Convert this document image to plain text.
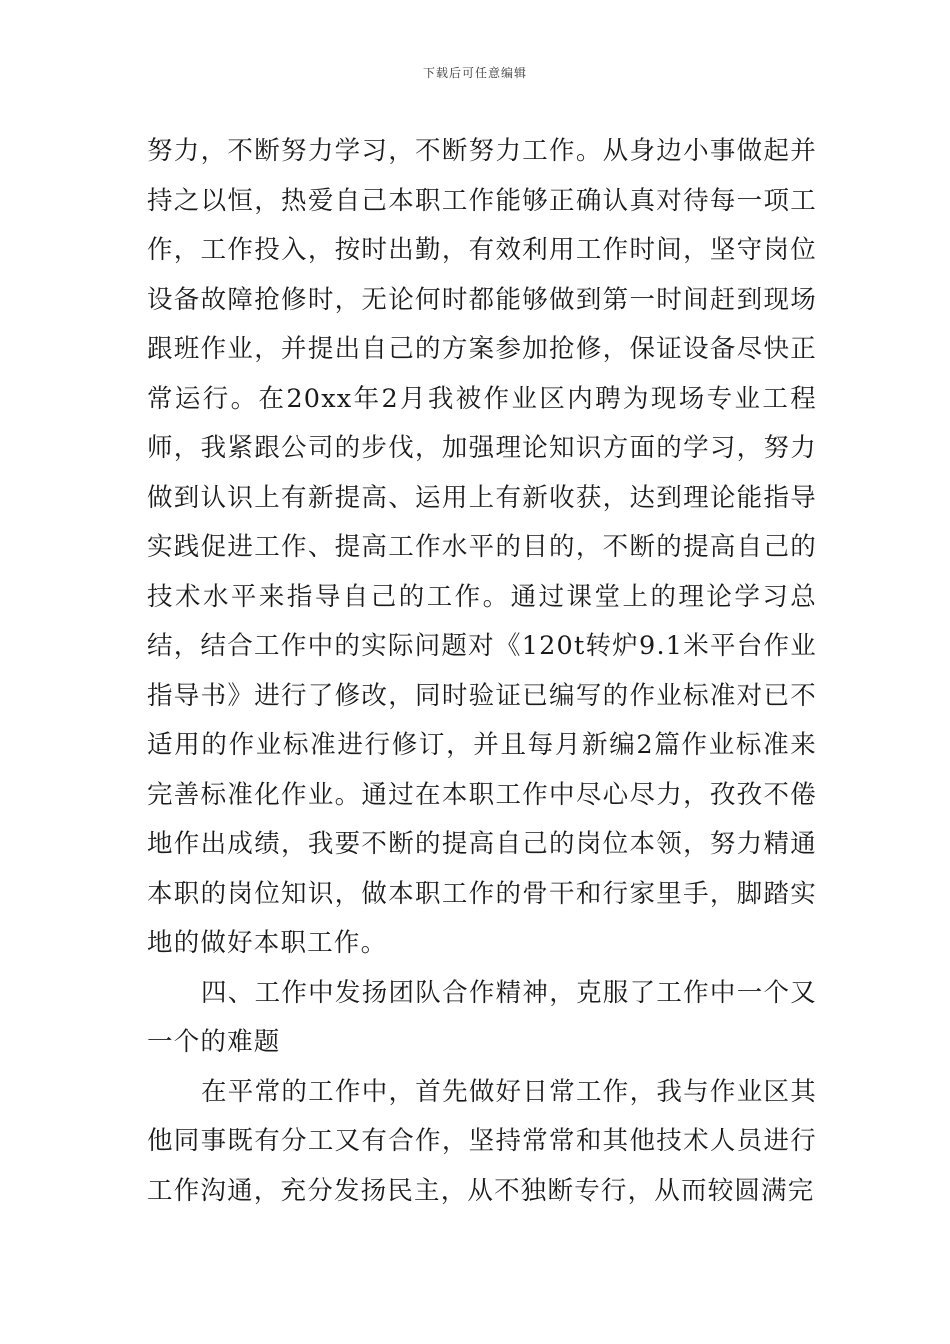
下载后可任意编辑

努力，不断努力学习，不断努力工作。从身边小事做起并持之以恒，热爱自己本职工作能够正确认真对待每一项工作，工作投入，按时出勤，有效利用工作时间，坚守岗位设备故障抢修时，无论何时都能够做到第一时间赶到现场跟班作业，并提出自己的方案参加抢修，保证设备尽快正常运行。在20xx年2月我被作业区内聘为现场专业工程师，我紧跟公司的步伐，加强理论知识方面的学习，努力做到认识上有新提高、运用上有新收获，达到理论能指导实践促进工作、提高工作水平的目的，不断的提高自己的技术水平来指导自己的工作。通过课堂上的理论学习总结，结合工作中的实际问题对《120t转炉9.1米平台作业指导书》进行了修改，同时验证已编写的作业标准对已不适用的作业标准进行修订，并且每月新编2篇作业标准来完善标准化作业。通过在本职工作中尽心尽力，孜孜不倦地作出成绩，我要不断的提高自己的岗位本领，努力精通本职的岗位知识，做本职工作的骨干和行家里手，脚踏实地的做好本职工作。

四、工作中发扬团队合作精神，克服了工作中一个又一个的难题

在平常的工作中，首先做好日常工作，我与作业区其他同事既有分工又有合作，坚持常常和其他技术人员进行工作沟通，充分发扬民主，从不独断专行，从而较圆满完
